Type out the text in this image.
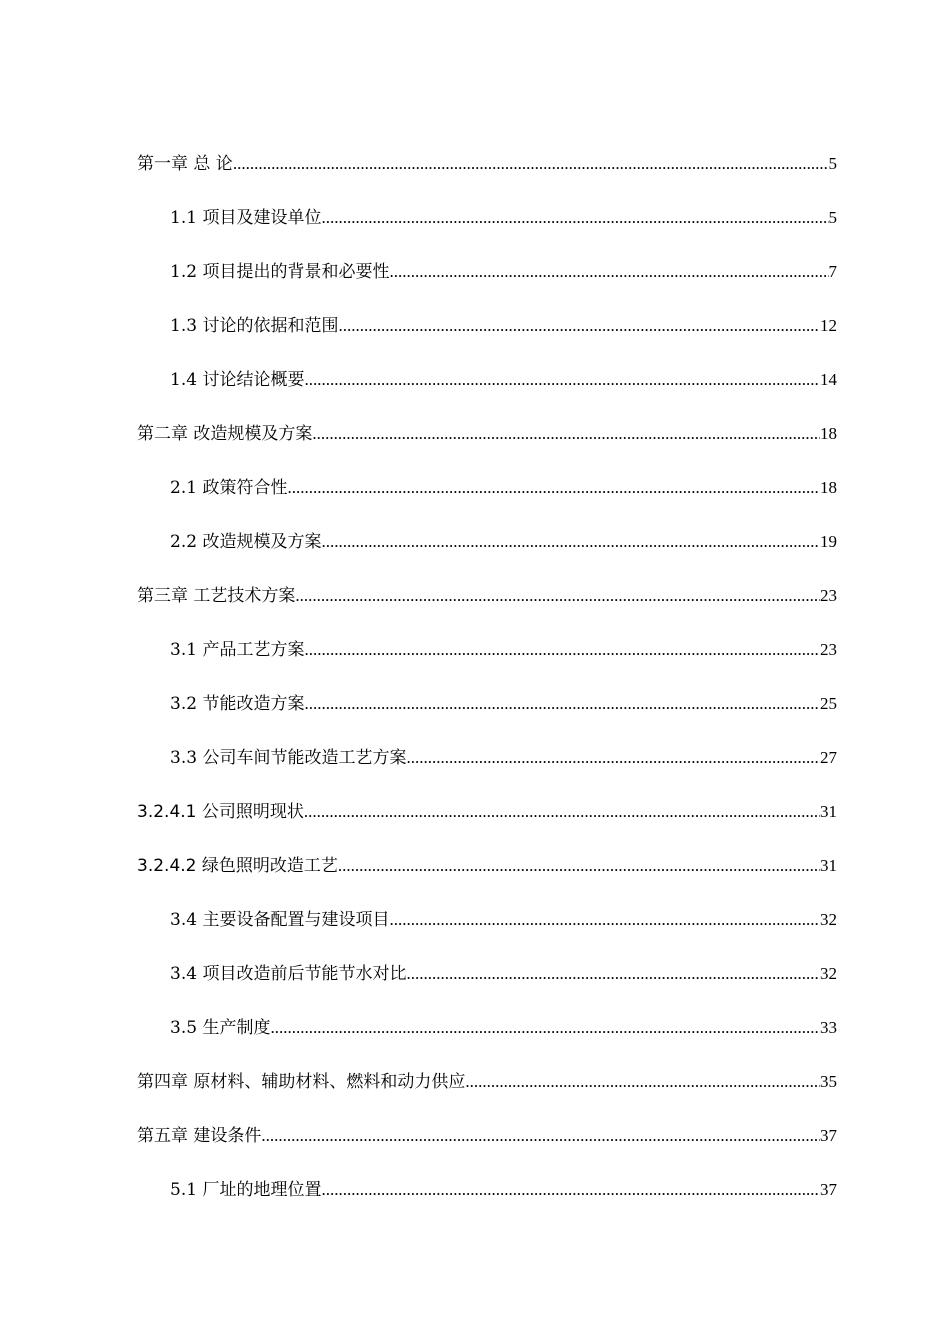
第一章 总 论 .....	5
1.1 项目及建设单位 .....	5
1.2 项目提出的背景和必要性 .....	7
1.3 讨论的依据和范围 .....	12
1.4 讨论结论概要 .....	14
第二章 改造规模及方案 .....	18
2.1 政策符合性 .....	18
2.2 改造规模及方案 .....	19
第三章 工艺技术方案 .....	23
3.1 产品工艺方案 .....	23
3.2 节能改造方案 .....	25
3.3 公司车间节能改造工艺方案 .....	27
3.2.4.1 公司照明现状 .....	31
3.2.4.2 绿色照明改造工艺 .....	31
3.4 主要设备配置与建设项目 .....	32
3.4 项目改造前后节能节水对比 .....	32
3.5 生产制度 .....	33
第四章 原材料、辅助材料、燃料和动力供应 .....	35
第五章 建设条件 .....	37
5.1 厂址的地理位置 .....	37
